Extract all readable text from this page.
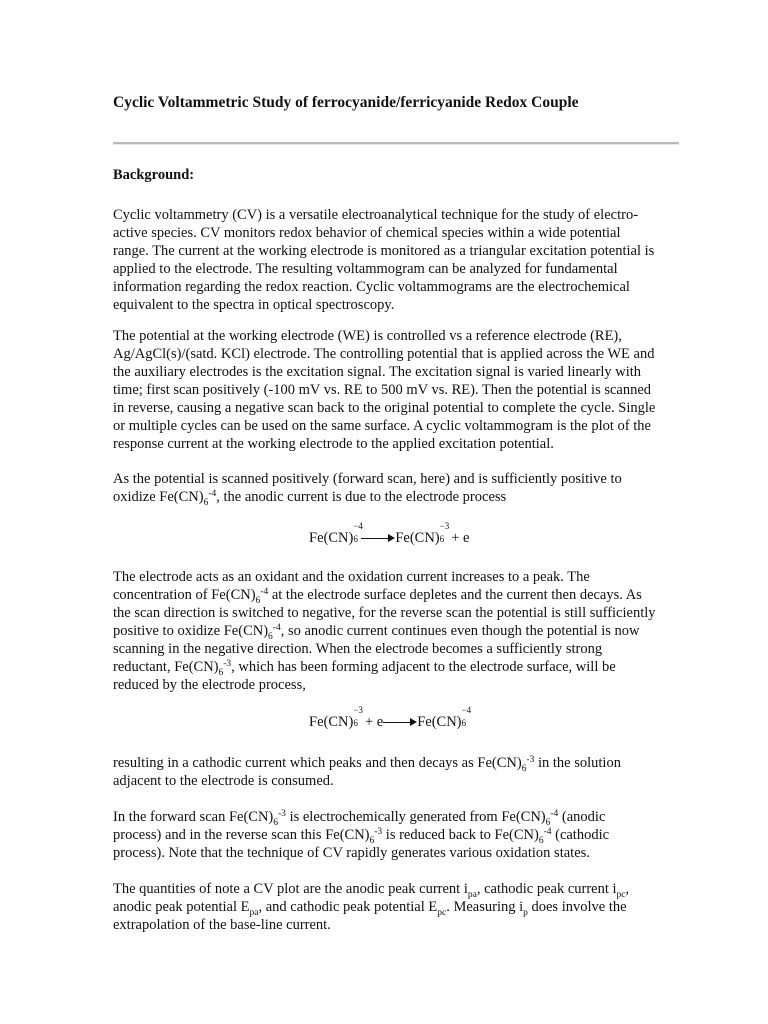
Cyclic Voltammetric Study of ferrocyanide/ferricyanide Redox Couple
Background:

Cyclic voltammetry (CV) is a versatile electroanalytical technique for the study of electro-
active species. CV monitors redox behavior of chemical species within a wide potential
range. The current at the working electrode is monitored as a triangular excitation potential is
applied to the electrode. The resulting voltammogram can be analyzed for fundamental
information regarding the redox reaction. Cyclic voltammograms are the electrochemical
equivalent to the spectra in optical spectroscopy.

The potential at the working electrode (WE) is controlled vs a reference electrode (RE),
Ag/AgCl(s)/(satd. KCl) electrode. The controlling potential that is applied across the WE and
the auxiliary electrodes is the excitation signal. The excitation signal is varied linearly with
time; first scan positively (-100 mV vs. RE to 500 mV vs. RE). Then the potential is scanned
in reverse, causing a negative scan back to the original potential to complete the cycle. Single
or multiple cycles can be used on the same surface. A cyclic voltammogram is the plot of the
response current at the working electrode to the applied excitation potential.

As the potential is scanned positively (forward scan, here) and is sufficiently positive to
oxidize $Fe(CN)_6^{-4}$, the anodic current is due to the electrode process

Fe(CN)
−4
6	Fe(CN)
−3
6 + e

The electrode acts as an oxidant and the oxidation current increases to a peak. The
concentration of $Fe(CN)_6^{-4}$ at the electrode surface depletes and the current then decays. As
the scan direction is switched to negative, for the reverse scan the potential is still sufficiently
positive to oxidize $Fe(CN)_6^{-4}$, so anodic current continues even though the potential is now
scanning in the negative direction. When the electrode becomes a sufficiently strong
reductant, $Fe(CN)_6^{-3}$, which has been forming adjacent to the electrode surface, will be
reduced by the electrode process,

Fe(CN)
−3
6 + e Fe(CN)
−4
6

resulting in a cathodic current which peaks and then decays as $Fe(CN)_6^{-3}$ in the solution
adjacent to the electrode is consumed.

In the forward scan $Fe(CN)_6^{-3}$ is electrochemically generated from $Fe(CN)_6^{-4}$ (anodic
process) and in the reverse scan this $Fe(CN)_6^{-3}$ is reduced back to $Fe(CN)_6^{-4}$ (cathodic
process). Note that the technique of CV rapidly generates various oxidation states.

The quantities of note a CV plot are the anodic peak current $i_{pa}$, cathodic peak current $i_{pc}$,
anodic peak potential $E_{pa}$, and cathodic peak potential $E_{pc}$. Measuring $i_p$ does involve the
extrapolation of the base-line current.
